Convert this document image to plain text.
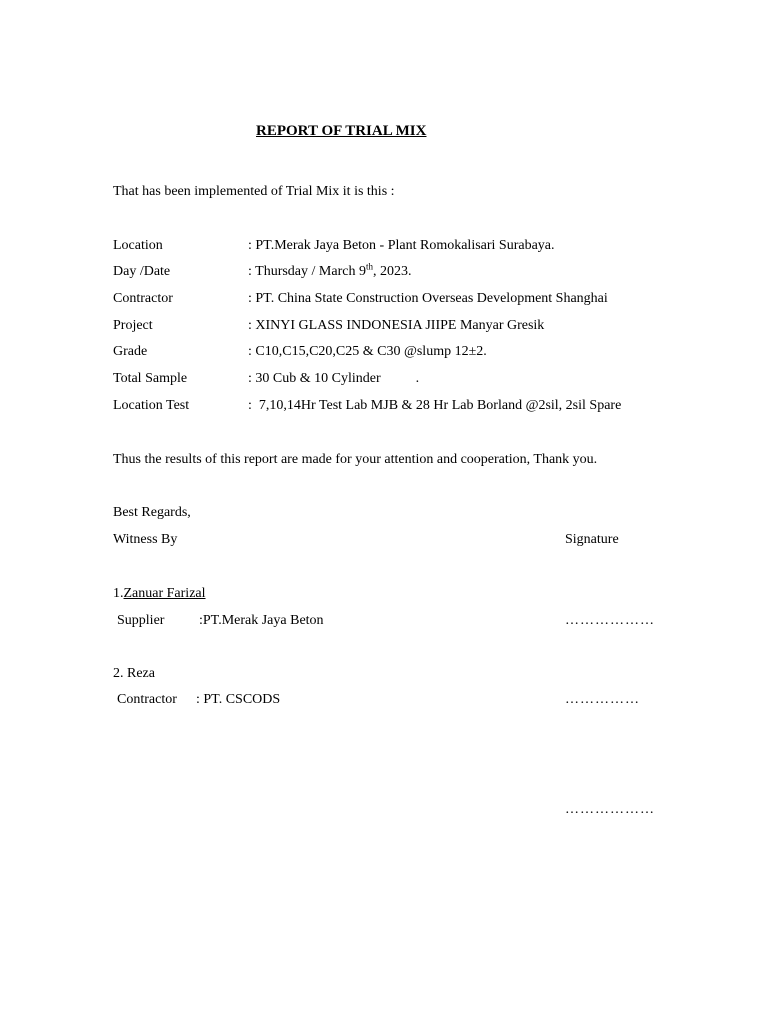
REPORT OF TRIAL MIX
That has been implemented of Trial Mix it is this :
Location	: PT.Merak Jaya Beton - Plant Romokalisari Surabaya.
Day /Date	: Thursday / March 9th, 2023.
Contractor	: PT. China State Construction Overseas Development Shanghai
Project	: XINYI GLASS INDONESIA JIIPE Manyar Gresik
Grade	: C10,C15,C20,C25 & C30 @slump 12±2.
Total Sample	: 30 Cub & 10 Cylinder          .
Location Test	:  7,10,14Hr Test Lab MJB & 28 Hr Lab Borland @2sil, 2sil Spare
Thus the results of this report are made for your attention and cooperation, Thank you.
Best Regards,
Witness By	Signature
1.Zanuar Farizal
Supplier :PT.Merak Jaya Beton	………………
2. Reza
Contractor : PT. CSCODS	……………
………………
